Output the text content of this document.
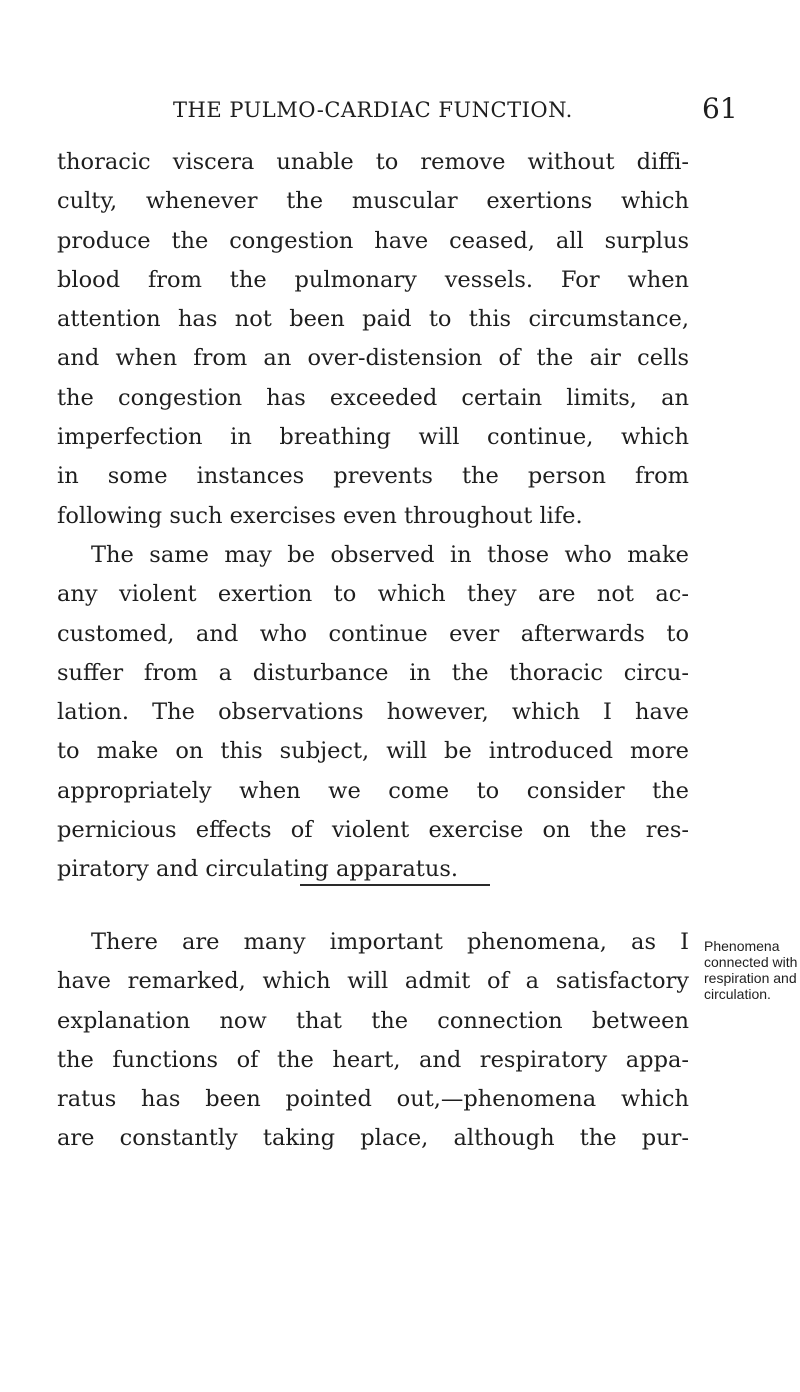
THE PULMO-CARDIAC FUNCTION.	61
thoracic viscera unable to remove without diffi-
culty, whenever the muscular exertions which
produce the congestion have ceased, all surplus
blood from the pulmonary vessels. For when
attention has not been paid to this circumstance,
and when from an over-distension of the air cells
the congestion has exceeded certain limits, an
imperfection in breathing will continue, which
in some instances prevents the person from
following such exercises even throughout life.
The same may be observed in those who make
any violent exertion to which they are not ac-
customed, and who continue ever afterwards to
suffer from a disturbance in the thoracic circu-
lation. The observations however, which I have
to make on this subject, will be introduced more
appropriately when we come to consider the
pernicious effects of violent exercise on the res-
piratory and circulating apparatus.
There are many important phenomena, as I
have remarked, which will admit of a satisfactory
explanation now that the connection between
the functions of the heart, and respiratory appa-
ratus has been pointed out,—phenomena which
are constantly taking place, although the pur-
Phenomena
connected with
respiration and
circulation.
